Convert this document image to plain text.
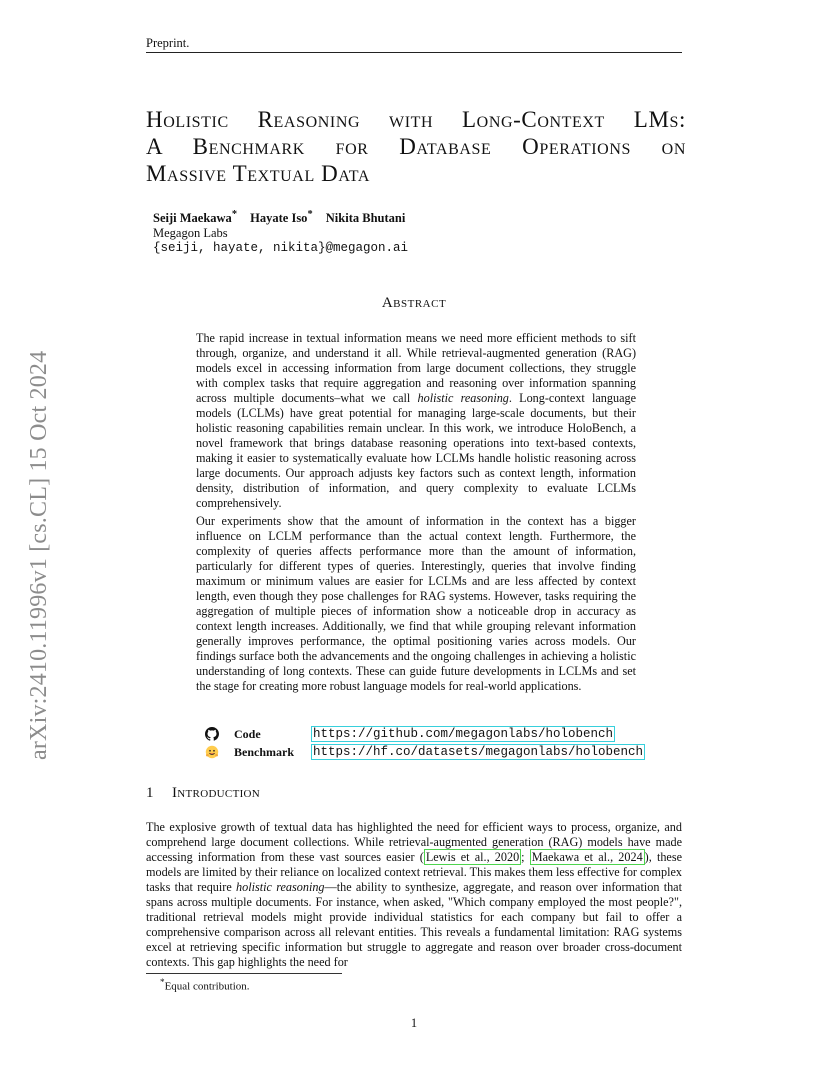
Preprint.
arXiv:2410.11996v1 [cs.CL] 15 Oct 2024
Holistic Reasoning with Long-Context LMs:
A Benchmark for Database Operations on
Massive Textual Data
Seiji Maekawa* Hayate Iso* Nikita Bhutani
Megagon Labs
{seiji, hayate, nikita}@megagon.ai
Abstract

The rapid increase in textual information means we need more efficient methods to sift through, organize, and understand it all. While retrieval-augmented generation (RAG) models excel in accessing information from large document collections, they struggle with complex tasks that require aggregation and reasoning over information spanning across multiple documents–what we call holistic reasoning. Long-context language models (LCLMs) have great potential for managing large-scale documents, but their holistic reasoning capabilities remain unclear. In this work, we introduce HoloBench, a novel framework that brings database reasoning operations into text-based contexts, making it easier to systematically evaluate how LCLMs handle holistic reasoning across large documents. Our approach adjusts key factors such as context length, information density, distribution of information, and query complexity to evaluate LCLMs comprehensively.

Our experiments show that the amount of information in the context has a bigger influence on LCLM performance than the actual context length. Furthermore, the complexity of queries affects performance more than the amount of information, particularly for different types of queries. Interestingly, queries that involve finding maximum or minimum values are easier for LCLMs and are less affected by context length, even though they pose challenges for RAG systems. However, tasks requiring the aggregation of multiple pieces of information show a noticeable drop in accuracy as context length increases. Additionally, we find that while grouping relevant information generally improves performance, the optimal positioning varies across models. Our findings surface both the advancements and the ongoing challenges in achieving a holistic understanding of long contexts. These can guide future developments in LCLMs and set the stage for creating more robust language models for real-world applications.

Code	https://github.com/megagonlabs/holobench
Benchmark	https://hf.co/datasets/megagonlabs/holobench
1 Introduction
The explosive growth of textual data has highlighted the need for efficient ways to process, organize, and comprehend large document collections. While retrieval-augmented generation (RAG) models have made accessing information from these vast sources easier ( Lewis et al., 2020 ; Maekawa et al., 2024 ), these models are limited by their reliance on localized context retrieval. This makes them less effective for complex tasks that require holistic reasoning—the ability to synthesize, aggregate, and reason over information that spans across multiple documents. For instance, when asked, "Which company employed the most people?", traditional retrieval models might provide individual statistics for each company but fail to offer a comprehensive comparison across all relevant entities. This reveals a fundamental limitation: RAG systems excel at retrieving specific information but struggle to aggregate and reason over broader cross-document contexts. This gap highlights the need for
*Equal contribution.
1
